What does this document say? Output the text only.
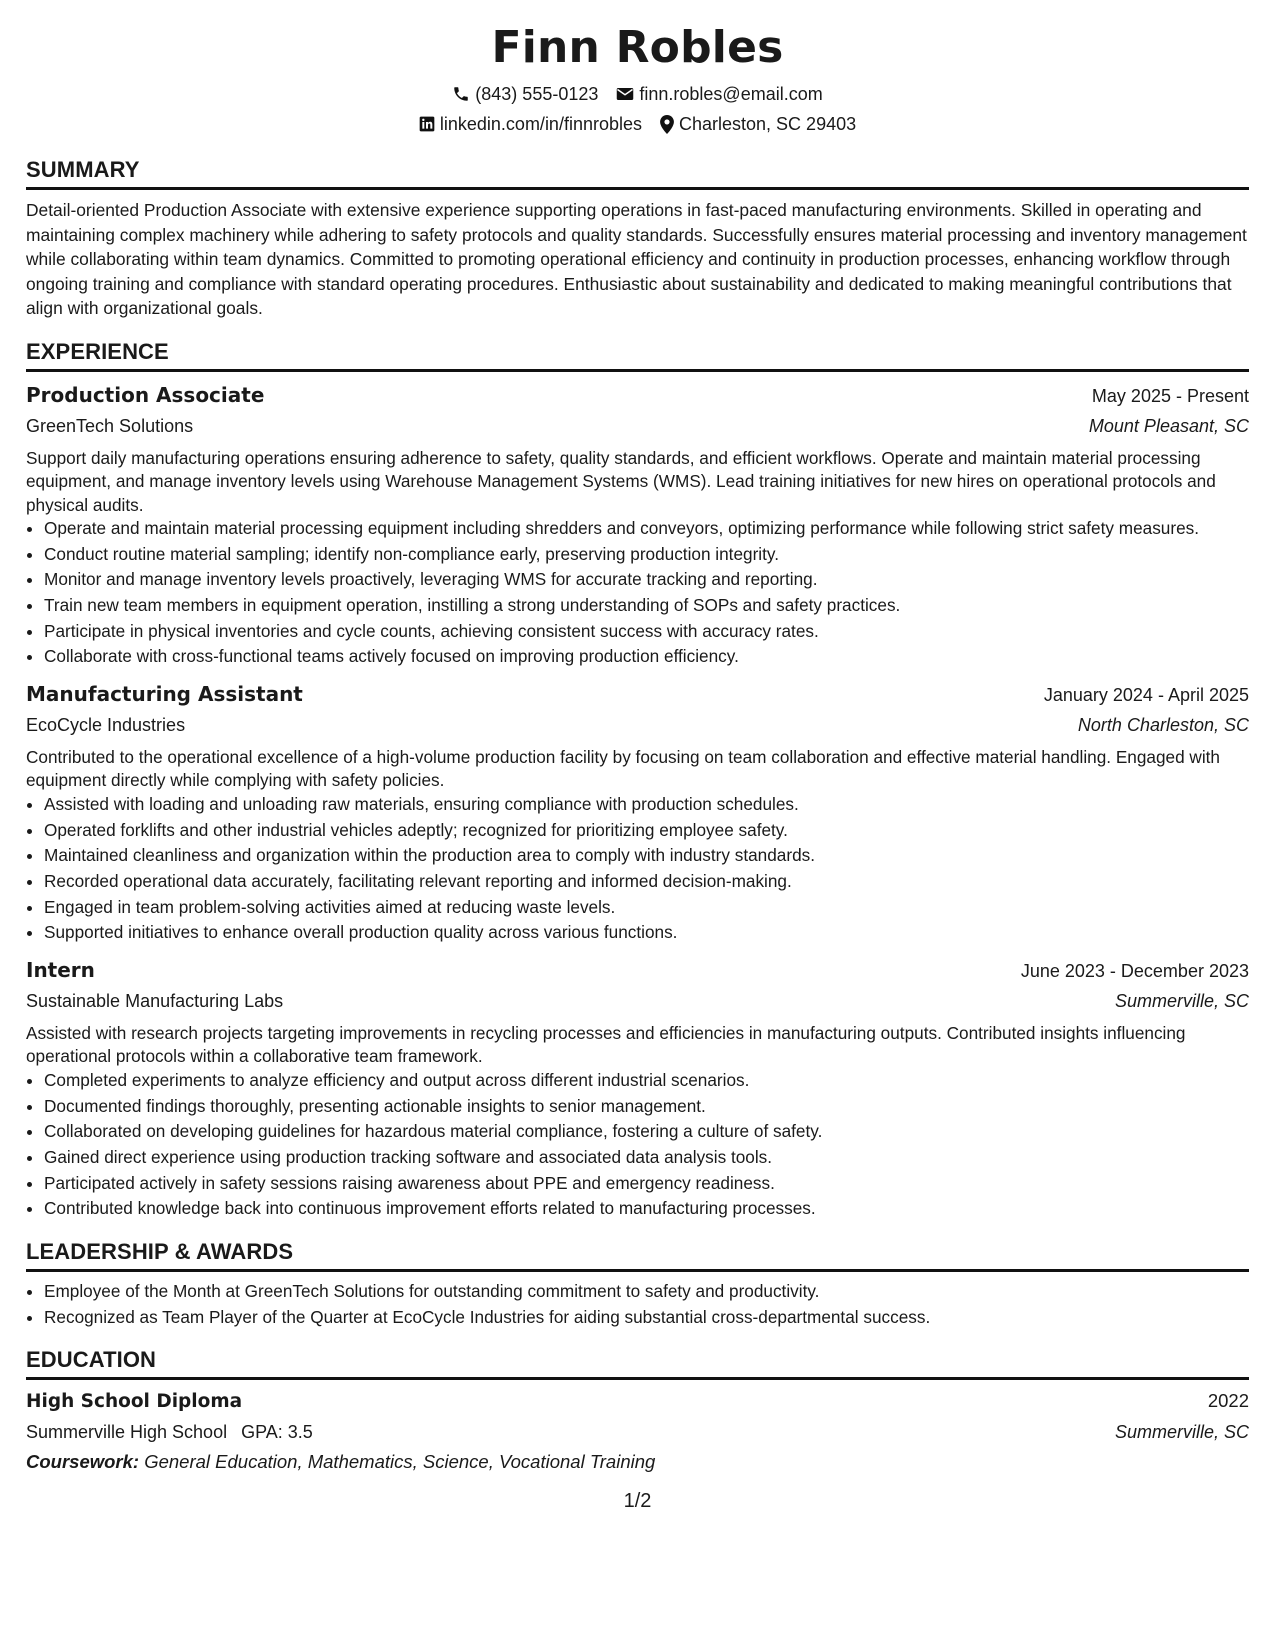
Finn Robles
(843) 555-0123 finn.robles@email.com
linkedin.com/in/finnrobles Charleston, SC 29403
SUMMARY

Detail-oriented Production Associate with extensive experience supporting operations in fast-paced manufacturing environments. Skilled in operating and maintaining complex machinery while adhering to safety protocols and quality standards. Successfully ensures material processing and inventory management while collaborating within team dynamics. Committed to promoting operational efficiency and continuity in production processes, enhancing workflow through ongoing training and compliance with standard operating procedures. Enthusiastic about sustainability and dedicated to making meaningful contributions that align with organizational goals.

EXPERIENCE
Production Associate	May 2025 - Present
GreenTech Solutions	Mount Pleasant, SC

Support daily manufacturing operations ensuring adherence to safety, quality standards, and efficient workflows. Operate and maintain material processing equipment, and manage inventory levels using Warehouse Management Systems (WMS). Lead training initiatives for new hires on operational protocols and physical audits.

• Operate and maintain material processing equipment including shredders and conveyors, optimizing performance while following strict safety measures.
• Conduct routine material sampling; identify non-compliance early, preserving production integrity.
• Monitor and manage inventory levels proactively, leveraging WMS for accurate tracking and reporting.
• Train new team members in equipment operation, instilling a strong understanding of SOPs and safety practices.
• Participate in physical inventories and cycle counts, achieving consistent success with accuracy rates.
• Collaborate with cross-functional teams actively focused on improving production efficiency.
Manufacturing Assistant	January 2024 - April 2025
EcoCycle Industries	North Charleston, SC

Contributed to the operational excellence of a high-volume production facility by focusing on team collaboration and effective material handling. Engaged with equipment directly while complying with safety policies.

• Assisted with loading and unloading raw materials, ensuring compliance with production schedules.
• Operated forklifts and other industrial vehicles adeptly; recognized for prioritizing employee safety.
• Maintained cleanliness and organization within the production area to comply with industry standards.
• Recorded operational data accurately, facilitating relevant reporting and informed decision-making.
• Engaged in team problem-solving activities aimed at reducing waste levels.
• Supported initiatives to enhance overall production quality across various functions.
Intern	June 2023 - December 2023
Sustainable Manufacturing Labs	Summerville, SC

Assisted with research projects targeting improvements in recycling processes and efficiencies in manufacturing outputs. Contributed insights influencing operational protocols within a collaborative team framework.

• Completed experiments to analyze efficiency and output across different industrial scenarios.
• Documented findings thoroughly, presenting actionable insights to senior management.
• Collaborated on developing guidelines for hazardous material compliance, fostering a culture of safety.
• Gained direct experience using production tracking software and associated data analysis tools.
• Participated actively in safety sessions raising awareness about PPE and emergency readiness.
• Contributed knowledge back into continuous improvement efforts related to manufacturing processes.
LEADERSHIP & AWARDS
• Employee of the Month at GreenTech Solutions for outstanding commitment to safety and productivity.
• Recognized as Team Player of the Quarter at EcoCycle Industries for aiding substantial cross-departmental success.
EDUCATION
High School Diploma	2022
Summerville High School GPA: 3.5	Summerville, SC
Coursework: General Education, Mathematics, Science, Vocational Training
1/2
